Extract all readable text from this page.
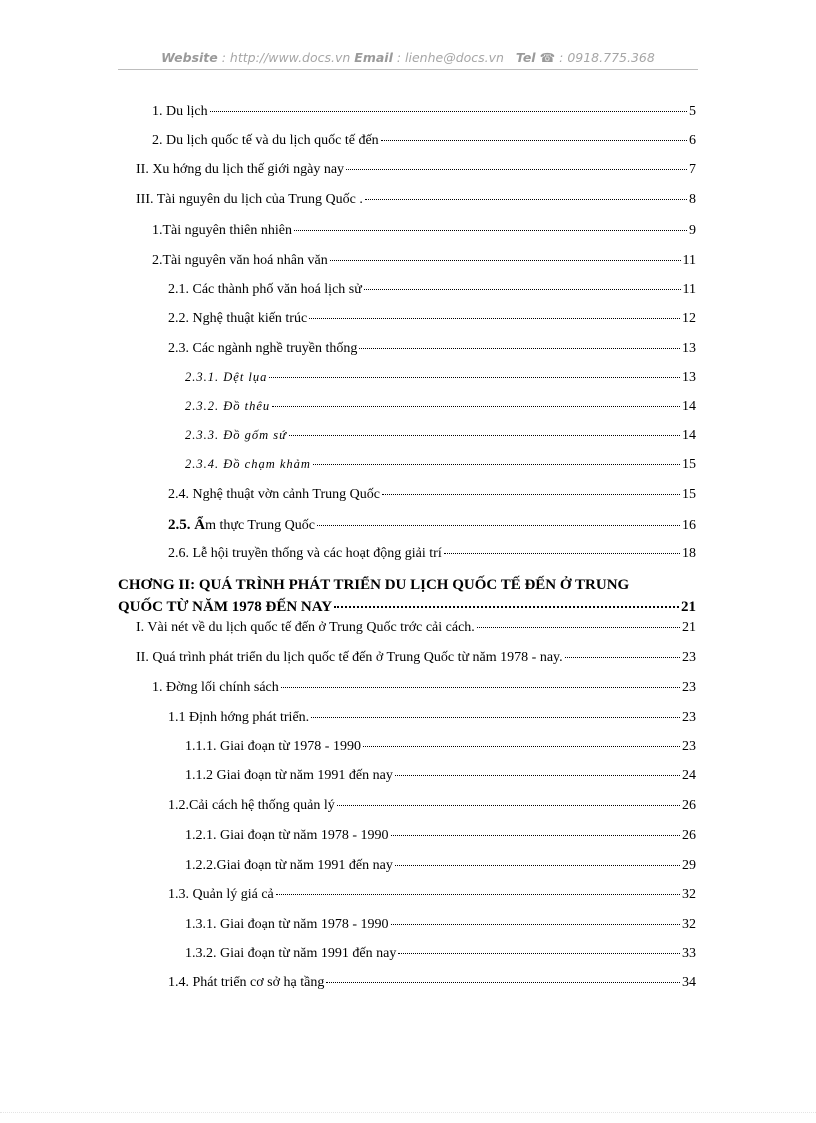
Website : http://www.docs.vn Email : lienhe@docs.vn   Tel ☎ : 0918.775.368
1. Du lịch	5
2. Du lịch quốc tế và du lịch quốc tế đến	6
II. Xu hớng du lịch thế giới ngày nay	7
III. Tài nguyên du lịch của Trung Quốc .	8
1.Tài nguyên thiên nhiên	9
2.Tài nguyên văn hoá nhân văn	11
2.1. Các thành phố văn hoá lịch sử	11
2.2. Nghệ thuật kiến trúc	12
2.3. Các ngành nghề truyền thống	13
2.3.1. Dệt lụa	13
2.3.2. Đồ thêu	14
2.3.3. Đồ gốm sứ	14
2.3.4. Đồ chạm khảm	15
2.4. Nghệ thuật vờn cảnh Trung Quốc	15
2.5. Ẩm thực Trung Quốc	16
2.6. Lễ hội truyền thống và các hoạt động giải trí	18
CHƠNG II: QUÁ TRÌNH PHÁT TRIỂN DU LỊCH QUỐC TẾ ĐẾN Ở TRUNG
QUỐC TỪ NĂM 1978 ĐẾN NAY	21
I. Vài nét về du lịch quốc tế đến ở Trung Quốc trớc cải cách.	21
II. Quá trình phát triển du lịch quốc tế đến ở Trung Quốc từ năm 1978 - nay.	23
1. Đờng lối chính sách	23
1.1 Định hớng phát triển.	23
1.1.1. Giai đoạn từ 1978 - 1990	23
1.1.2 Giai đoạn từ năm 1991 đến nay	24
1.2.Cải cách hệ thống quản lý	26
1.2.1. Giai đoạn từ năm 1978 - 1990	26
1.2.2.Giai đoạn từ năm 1991 đến nay	29
1.3. Quản lý giá cả	32
1.3.1. Giai đoạn từ năm 1978 - 1990	32
1.3.2. Giai đoạn từ năm 1991 đến nay	33
1.4. Phát triển cơ sở hạ tầng	34
